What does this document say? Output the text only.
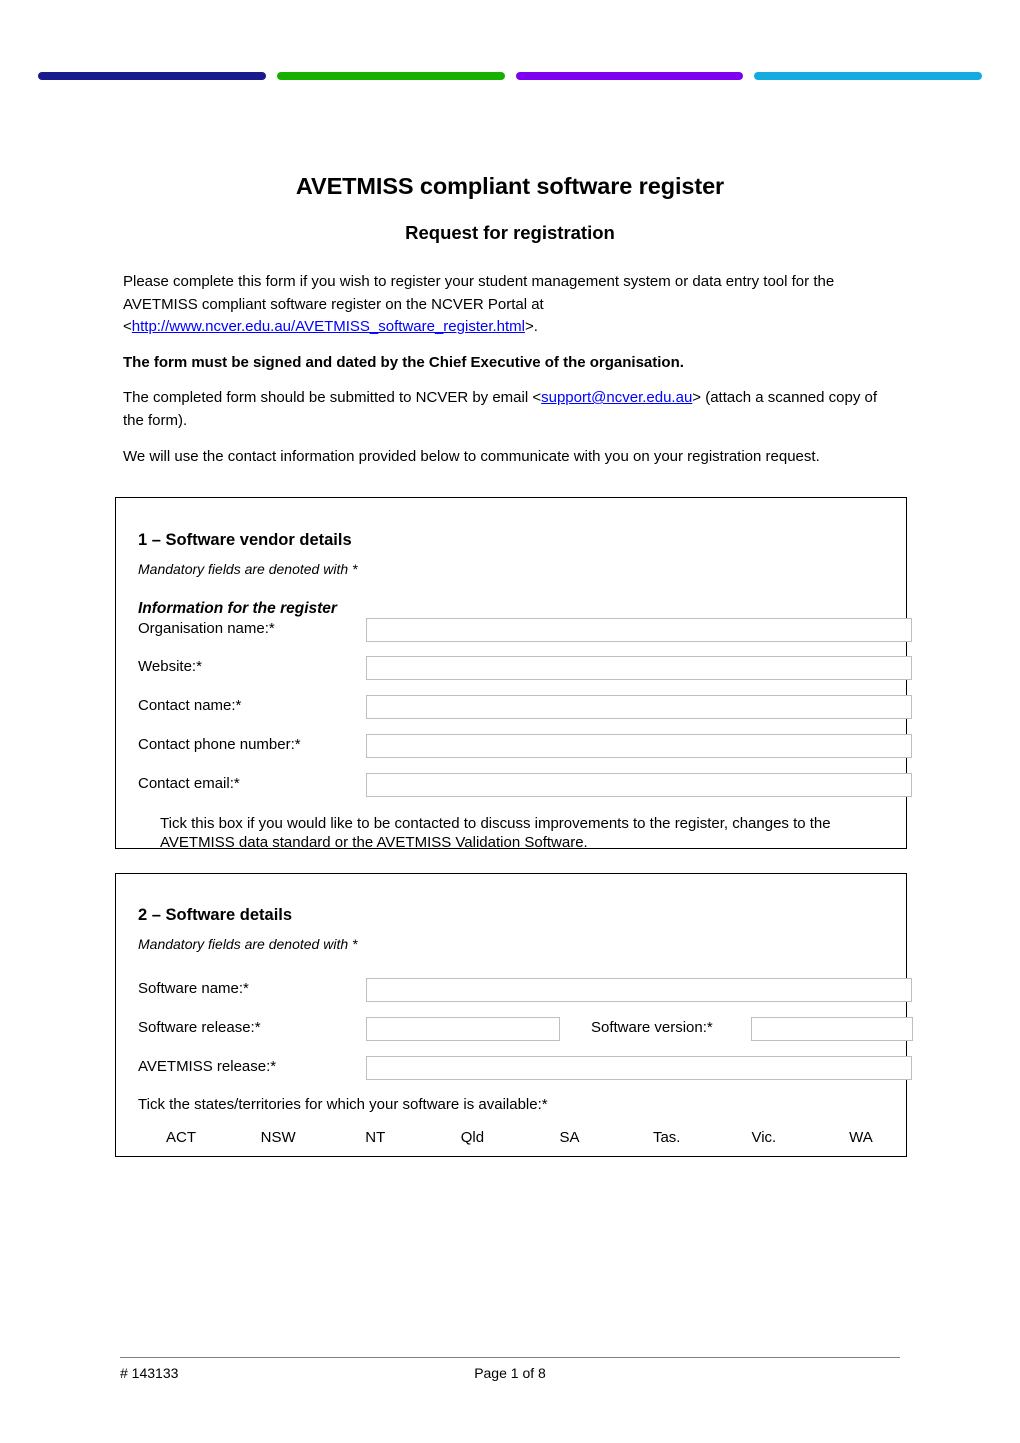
AVETMISS compliant software register
Request for registration
Please complete this form if you wish to register your student management system or data entry tool for the AVETMISS compliant software register on the NCVER Portal at <http://www.ncver.edu.au/AVETMISS_software_register.html>.
The form must be signed and dated by the Chief Executive of the organisation.
The completed form should be submitted to NCVER by email <support@ncver.edu.au> (attach a scanned copy of the form).
We will use the contact information provided below to communicate with you on your registration request.
1 – Software vendor details
Mandatory fields are denoted with *
Information for the register
Organisation name:*
Website:*
Contact name:*
Contact phone number:*
Contact email:*
Tick this box if you would like to be contacted to discuss improvements to the register, changes to the AVETMISS data standard or the AVETMISS Validation Software.
2 – Software details
Mandatory fields are denoted with *
Software name:*
Software release:*	Software version:*
AVETMISS release:*
Tick the states/territories for which your software is available:*
ACT	NSW	NT	Qld	SA	Tas.	Vic.	WA
# 143133	Page 1 of 8
